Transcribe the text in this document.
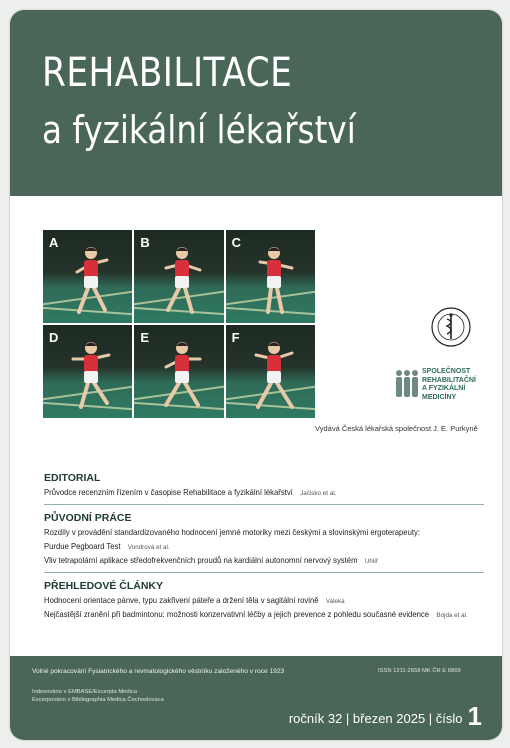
REHABILITACE
a fyzikální lékařství
A	B	C
D	E	F
SPOLEČNOST
REHABILITAČNÍ
A FYZIKÁLNÍ
MEDICÍNY
Vydává Česká lékařská společnost J. E. Purkyně
EDITORIAL
Průvodce recenzním řízením v časopise Rehabilitace a fyzikální lékařství Jačisko et al.
PŮVODNÍ PRÁCE
Rozdíly v provádění standardizovaného hodnocení jemné motoriky mezi českými a slovinskými ergoterapeuty:
Purdue Pegboard Test Vondrová et al.
Vliv tetrapolární aplikace středofrekvenčních proudů na kardiální autonomní nervový systém Uhlíř
PŘEHLEDOVÉ ČLÁNKY
Hodnocení orientace pánve, typu zakřivení páteře a držení těla v sagitální rovině Valeka
Nejčastější zranění při badmintonu: možnosti konzervativní léčby a jejich prevence z pohledu současné evidence Bojda et al.
Volné pokracování Fysiatrického a revmatologického věstníku založeného v roce 1923	ISSN 1211-2658 MK ČR E 6869
Indexováno v EMBASE/Excerpta Medica
Excerpováno v Bibliographia Medica Čechoslovaca
ročník 32 | březen 2025 | číslo 1
